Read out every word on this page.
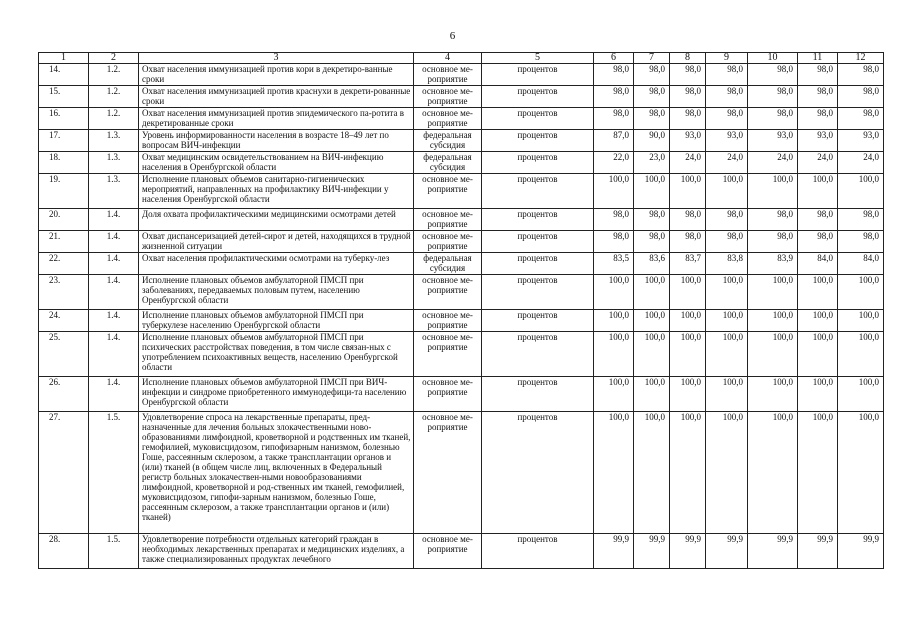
6
1	2	3	4	5	6	7	8	9	10	11	12
14.	1.2.	Охват населения иммунизацией против кори в декретиро-ванные сроки	основное ме-роприятие	процентов	98,0	98,0	98,0	98,0	98,0	98,0	98,0
15.	1.2.	Охват населения иммунизацией против краснухи в декрети-рованные сроки	основное ме-роприятие	процентов	98,0	98,0	98,0	98,0	98,0	98,0	98,0
16.	1.2.	Охват населения иммунизацией против эпидемического па-ротита в декретированные сроки	основное ме-роприятие	процентов	98,0	98,0	98,0	98,0	98,0	98,0	98,0
17.	1.3.	Уровень информированности населения в возрасте 18–49 лет по вопросам ВИЧ-инфекции	федеральная субсидия	процентов	87,0	90,0	93,0	93,0	93,0	93,0	93,0
18.	1.3.	Охват медицинским освидетельствованием на ВИЧ-инфекцию населения в Оренбургской области	федеральная субсидия	процентов	22,0	23,0	24,0	24,0	24,0	24,0	24,0
19.	1.3.	Исполнение плановых объемов санитарно-гигиенических мероприятий, направленных на профилактику ВИЧ-инфекции у населения Оренбургской области	основное ме-роприятие	процентов	100,0	100,0	100,0	100,0	100,0	100,0	100,0
20.	1.4.	Доля охвата профилактическими медицинскими осмотрами детей	основное ме-роприятие	процентов	98,0	98,0	98,0	98,0	98,0	98,0	98,0
21.	1.4.	Охват диспансеризацией детей-сирот и детей, находящихся в трудной жизненной ситуации	основное ме-роприятие	процентов	98,0	98,0	98,0	98,0	98,0	98,0	98,0
22.	1.4.	Охват населения профилактическими осмотрами на туберку-лез	федеральная субсидия	процентов	83,5	83,6	83,7	83,8	83,9	84,0	84,0
23.	1.4.	Исполнение плановых объемов амбулаторной ПМСП при заболеваниях, передаваемых половым путем, населению Оренбургской области	основное ме-роприятие	процентов	100,0	100,0	100,0	100,0	100,0	100,0	100,0
24.	1.4.	Исполнение плановых объемов амбулаторной ПМСП при туберкулезе населению Оренбургской области	основное ме-роприятие	процентов	100,0	100,0	100,0	100,0	100,0	100,0	100,0
25.	1.4.	Исполнение плановых объемов амбулаторной ПМСП при психических расстройствах поведения, в том числе связан-ных с употреблением психоактивных веществ, населению Оренбургской области	основное ме-роприятие	процентов	100,0	100,0	100,0	100,0	100,0	100,0	100,0
26.	1.4.	Исполнение плановых объемов амбулаторной ПМСП при ВИЧ-инфекции и синдроме приобретенного иммунодефици-та населению Оренбургской области	основное ме-роприятие	процентов	100,0	100,0	100,0	100,0	100,0	100,0	100,0
27.	1.5.	Удовлетворение спроса на лекарственные препараты, пред-назначенные для лечения больных злокачественными ново-образованиями лимфоидной, кроветворной и родственных им тканей, гемофилией, муковисцидозом, гипофизарным нанизмом, болезнью Гоше, рассеянным склерозом, а также трансплантации органов и (или) тканей (в общем числе лиц, включенных в Федеральный регистр больных злокачествен-ными новообразованиями лимфоидной, кроветворной и род-ственных им тканей, гемофилией, муковисцидозом, гипофи-зарным нанизмом, болезнью Гоше, рассеянным склерозом, а также трансплантации органов и (или) тканей)	основное ме-роприятие	процентов	100,0	100,0	100,0	100,0	100,0	100,0	100,0
28.	1.5.	Удовлетворение потребности отдельных категорий граждан в необходимых лекарственных препаратах и медицинских изделиях, а также специализированных продуктах лечебного	основное ме-роприятие	процентов	99,9	99,9	99,9	99,9	99,9	99,9	99,9
